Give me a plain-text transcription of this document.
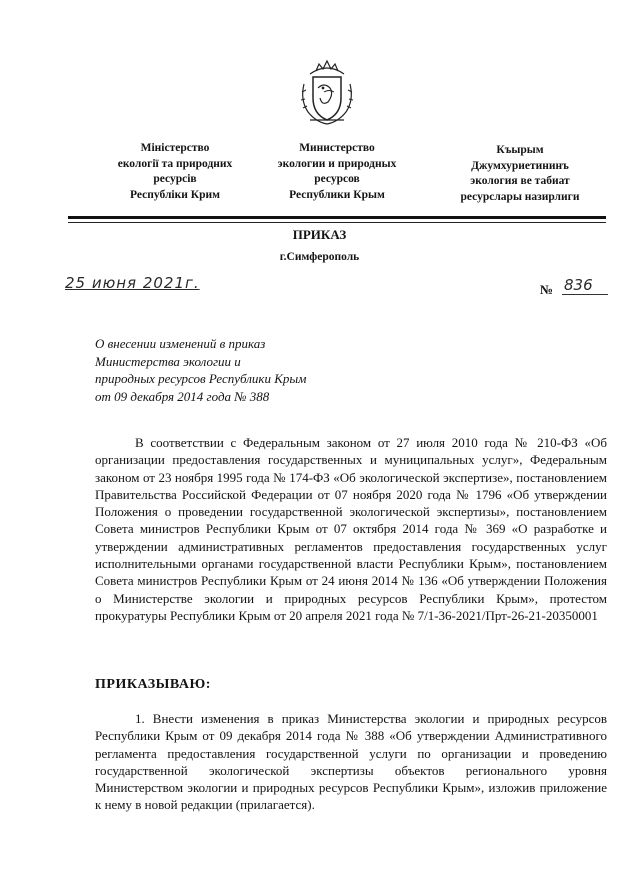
Міністерство
екології та природних
ресурсів
Республіки Крим
Министерство
экологии и природных
ресурсов
Республики Крым
Къырым
Джумхуриетининъ
экология ве табиат
ресурслары назирлиги
ПРИКАЗ
г.Симферополь
25 июня 2021г.	№ 836
О внесении изменений в приказ
Министерства экологии и
природных ресурсов Республики Крым
от 09 декабря 2014 года № 388

В соответствии с Федеральным законом от 27 июля 2010 года № 210-ФЗ «Об организации предоставления государственных и муниципальных услуг», Федеральным законом от 23 ноября 1995 года № 174-ФЗ «Об экологической экспертизе», постановлением Правительства Российской Федерации от 07 ноября 2020 года № 1796 «Об утверждении Положения о проведении государственной экологической экспертизы», постановлением Совета министров Республики Крым от 07 октября 2014 года № 369 «О разработке и утверждении административных регламентов предоставления государственных услуг исполнительными органами государственной власти Республики Крым», постановлением Совета министров Республики Крым от 24 июня 2014 № 136 «Об утверждении Положения о Министерстве экологии и природных ресурсов Республики Крым», протестом прокуратуры Республики Крым от 20 апреля 2021 года № 7/1-36-2021/Прт-26-21-20350001

ПРИКАЗЫВАЮ:

1. Внести изменения в приказ Министерства экологии и природных ресурсов Республики Крым от 09 декабря 2014 года № 388 «Об утверждении Административного регламента предоставления государственной услуги по организации и проведению государственной экологической экспертизы объектов регионального уровня Министерством экологии и природных ресурсов Республики Крым», изложив приложение к нему в новой редакции (прилагается).
